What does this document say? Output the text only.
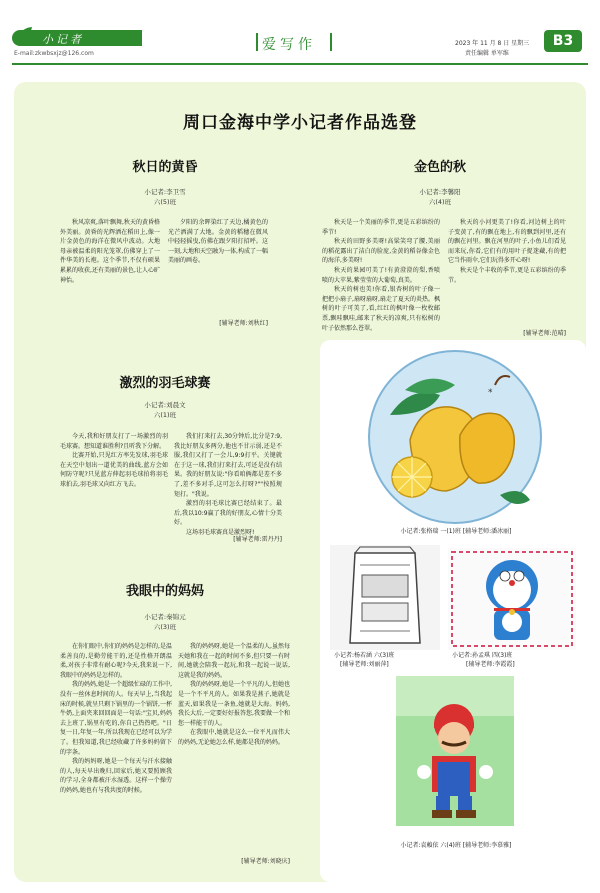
小记者
E-mail:zkwbsxjz@126.com
爱写作	2023 年 11 月 8 日 星期三
责任编辑 单军维
B3
周口金海中学小记者作品选登
秋日的黄昏
小记者:李卫雪
六(5)班

秋风凉爽,落叶飘舞,秋天的黄昏格外美丽。黄昏的光辉洒在稻田上,像一片金黄色的海洋在微风中波动。大地母亲被温柔的阳光笼罩,仿佛穿上了一件华美的长袍。这个季节,不仅有硕果累累的收获,还有美丽的景色,让人心旷神怡。

夕阳的余晖染红了天边,橘黄色的光芒洒满了大地。金黄的稻穗在微风中轻轻摇曳,仿佛在跟夕阳打招呼。这一刻,大地和天空融为一体,构成了一幅美丽的画卷。

[辅导老师:刘秋红]
金色的秋
小记者:李馨阳
六(4)班

秋天是一个美丽的季节,更是五彩缤纷的季节!

秋天的田野多美呀!高粱笑弯了腰,美丽的稻花露出了洁白的脸庞,金黄的稻谷像金色的海洋,多美呀!

秋天的果园可美了!有黄澄澄的梨,香喷喷的大苹果,紫莹莹的大葡萄,真美。

秋天的树也美!你看,银杏树的叶子像一把把小扇子,扇呀扇呀,扇走了夏天的炎热。枫树的叶子可美了,看,红红的枫叶像一枚枚邮票,飘哇飘哇,邮来了秋天的凉爽,只有松树的叶子依然那么苍翠。

秋天的小河更美了!你看,河边树上的叶子变黄了,有的飘在地上,有的飘到河里,还有的飘在河里。飘在河里的叶子,小鱼儿们看见而来玩,你看,它们有的用叶子捉迷藏,有的把它当作雨伞,它们玩得多开心呀!

秋天是个丰收的季节,更是五彩缤纷的季节。

[辅导老师:范晴]
激烈的羽毛球赛
小记者:刘晨文
六(1)班

今天,我和好朋友打了一场激烈的羽毛球赛。想知道谁胜利?且听我下分解。

比赛开始,只见红方率先发球,羽毛球在天空中划出一道优美的曲线,蓝方会如何防守呢?只见蓝方伸起羽毛球拍将羽毛球拍去,羽毛球又向红方飞去。

我们打来打去,30分钟后,比分是7:9,我比好朋友多两分,他也不甘示弱,还是不服,我们又打了一会儿,9:9打平。关键就在于这一球,我们打来打去,可还是没有结果。我的好朋友说:"你看咱俩都是差不多了,差不多对手,这可怎么打呀?""按照规矩打。"我说。

激烈的羽毛球比赛已经结束了。最后,我以10:9赢了我的好朋友,心情十分美好。

这场羽毛球赛真是激烈呀!

[辅导老师:雷丹丹]
我眼中的妈妈
小记者:秦锦元
六(3)班

在你们眼中,你们的妈妈是怎样的,是温柔善良的,是勤劳能干的,还是性格开朗温柔,对孩子非常有耐心呢?今天,我来说一下,我眼中的妈妈是怎样的。

我的妈妈,她是一个超级忙碌的工作中,没有一丝休息时间的人。每天早上,当我起床的时候,就呈只剩下锅里的一个锅饼,一杯牛奶,上面夹来回回面是一句话:"宝贝,妈妈去上班了,锅里有吃的,你自己热热吧。"日复一日,年复一年,所以我现在已经可以为学了。但我知道,我已经收藏了许多妈妈留下的字条。

我的妈妈呀,她是一个每天与汗水接触的人,每天早出晚归,回家后,她又要照顾我的学习,全身都被汗水湿透。这样一个操劳的妈妈,她也有与我共度的时候。

我的妈妈呀,她是一个温柔的人,虽然每天她和我在一起的时间不多,但只要一有时间,她就会陪我一起玩,和我一起说一说话,这就是我的妈妈。

我的妈妈呀,她是一个平凡的人,但她也是一个不平凡的人。如果我是燕子,她就是蓝天,如果我是一条鱼,她就是大海。妈妈,我长大后,一定要好好报答您,我要做一个和您一样能干的人。

在我眼中,她就是这么一位平凡而伟大的妈妈,无论她怎么样,她都是我的妈妈。

[辅导老师:刘晓庆]
*
小记者:张格瑞 一(1)班 [辅导老师:潘冰丽]
小记者:杨若涵 六(3)班
[辅导老师:刘丽萍]
小记者:孙孟琪 四(3)班
[辅导老师:李霞霞]
小记者:袁賴依 六(4)班 [辅导老师:李慕雅]
